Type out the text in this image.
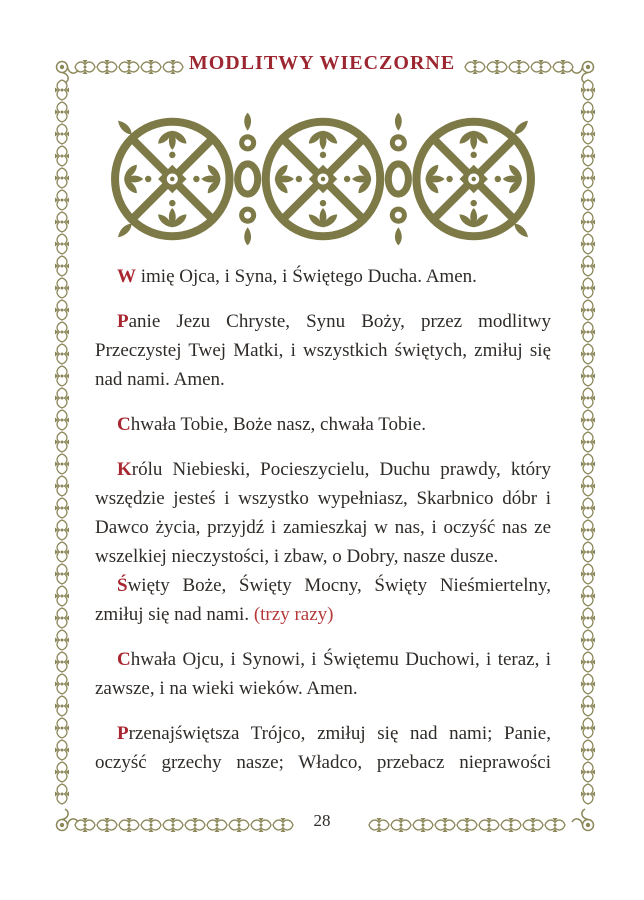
MODLITWY WIECZORNE

W imię Ojca, i Syna, i Świętego Ducha. Amen.

Panie Jezu Chryste, Synu Boży, przez modlitwy Przeczystej Twej Matki, i wszystkich świętych, zmiłuj się nad nami. Amen.

Chwała Tobie, Boże nasz, chwała Tobie.

Królu Niebieski, Pocieszycielu, Duchu prawdy, który wszędzie jesteś i wszystko wypełniasz, Skarbnico dóbr i Dawco życia, przyjdź i zamieszkaj w nas, i oczyść nas ze wszelkiej nieczystości, i zbaw, o Dobry, nasze dusze.

Święty Boże, Święty Mocny, Święty Nieśmiertelny, zmiłuj się nad nami. (trzy razy)

Chwała Ojcu, i Synowi, i Świętemu Duchowi, i teraz, i zawsze, i na wieki wieków. Amen.

Przenajświętsza Trójco, zmiłuj się nad nami; Panie, oczyść grzechy nasze; Władco, przebacz nieprawości

28
